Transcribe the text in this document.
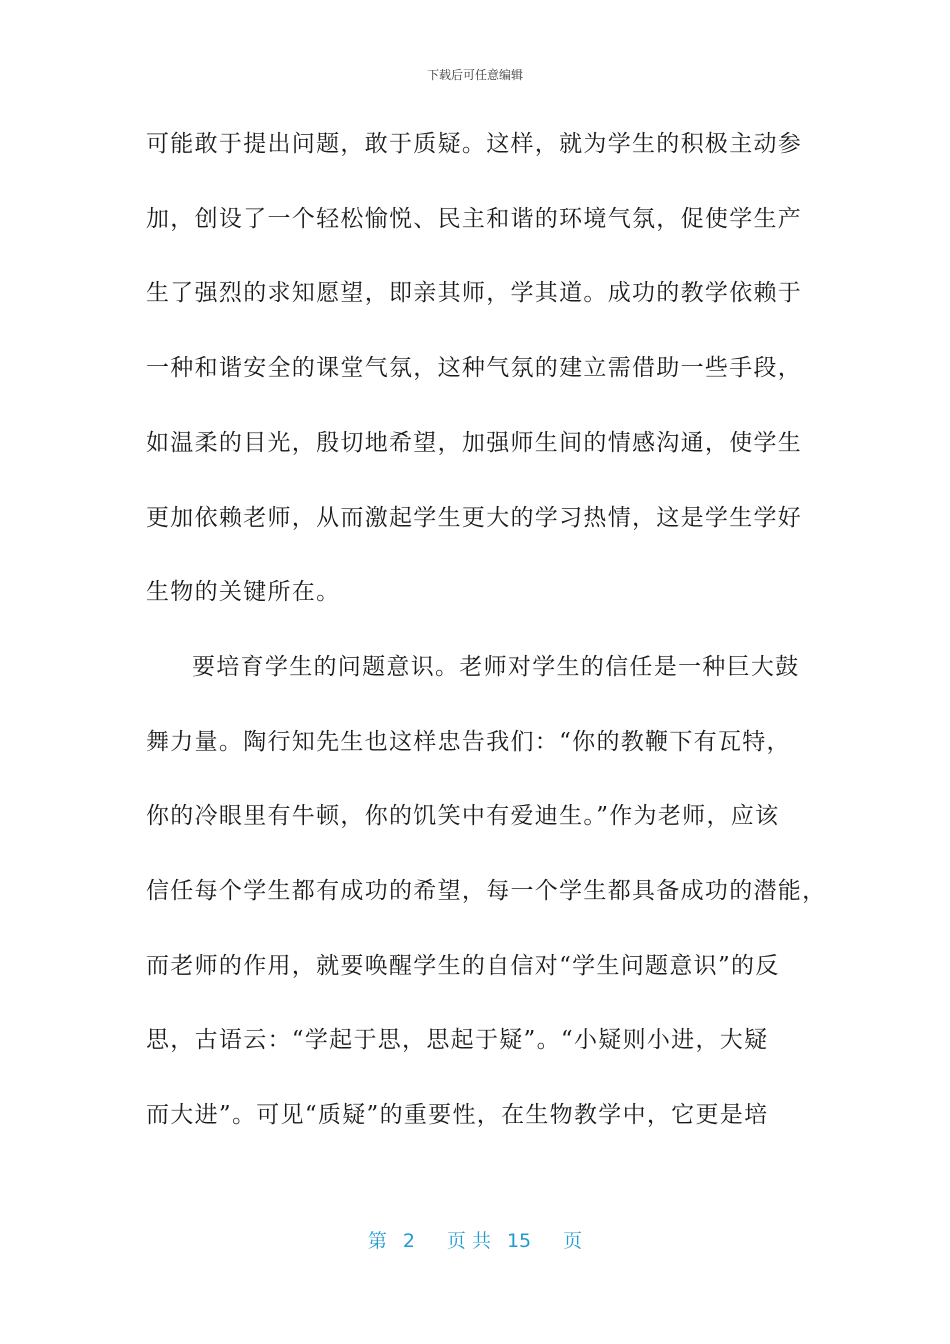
下载后可任意编辑
可能敢于提出问题，敢于质疑。这样，就为学生的积极主动参
加，创设了一个轻松愉悦、民主和谐的环境气氛，促使学生产
生了强烈的求知愿望，即亲其师，学其道。成功的教学依赖于
一种和谐安全的课堂气氛，这种气氛的建立需借助一些手段，
如温柔的目光，殷切地希望，加强师生间的情感沟通，使学生
更加依赖老师，从而激起学生更大的学习热情，这是学生学好
生物的关键所在。
要培育学生的问题意识。老师对学生的信任是一种巨大鼓
舞力量。陶行知先生也这样忠告我们：“你的教鞭下有瓦特，
你的冷眼里有牛顿，你的饥笑中有爱迪生。”作为老师，应该
信任每个学生都有成功的希望，每一个学生都具备成功的潜能，
而老师的作用，就要唤醒学生的自信对“学生问题意识”的反
思，古语云：“学起于思，思起于疑”。“小疑则小进，大疑
而大进”。可见“质疑”的重要性，在生物教学中，它更是培
第 2 页 共 15 页
